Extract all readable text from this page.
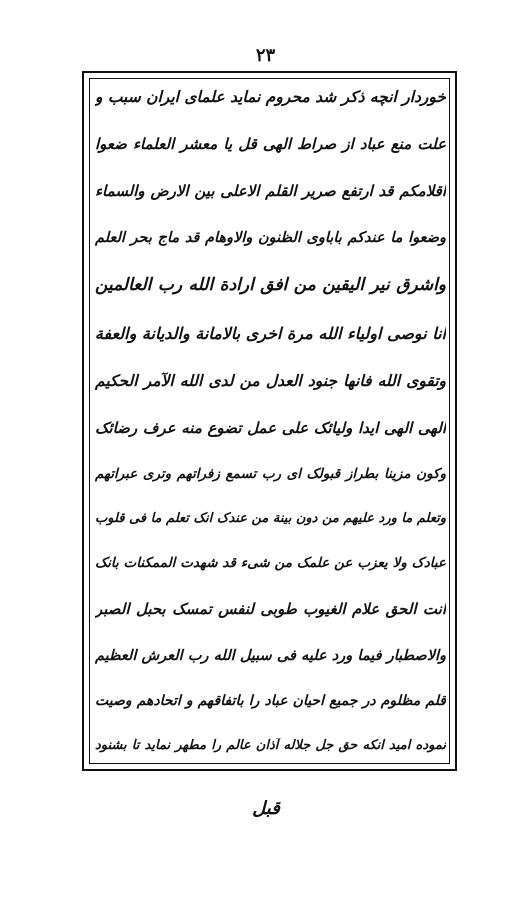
۲۳
خوردار انچه ذکر شد محروم نماید علمای ایران سبب و
علت منع عباد از صراط الهی قل یا معشر العلماء ضعوا
اقلامکم قد ارتفع صریر القلم الاعلی بین الارض والسماء
وضعوا ما عندکم باباوی الظنون والاوهام قد ماج بحر العلم
واشرق نیر الیقین من افق ارادة الله رب العالمین
انا نوصی اولیاء الله مرة اخری بالامانة والدیانة والعفة
وتقوی الله فانها جنود العدل من لدی الله الآمر الحکیم
الهی الهی ایدا ولیائک علی عمل تضوع منه عرف رضائک
وکون مزینا بطراز قبولک ای رب تسمع زفراتهم وتری عبراتهم
وتعلم ما ورد علیهم من دون بینة من عندک انک تعلم ما فی قلوب
عبادک ولا یعزب عن علمک من شیء قد شهدت الممکنات بانک
انت الحق علام الغیوب طوبی لنفس تمسک بحبل الصبر
والاصطبار فیما ورد علیه فی سبیل الله رب العرش العظیم
قلم مظلوم در جمیع احیان عباد را باتفاقهم و اتحادهم وصیت
نموده امید انکه حق جل جلاله آذان عالم را مطهر نماید تا بشنود
قبل
